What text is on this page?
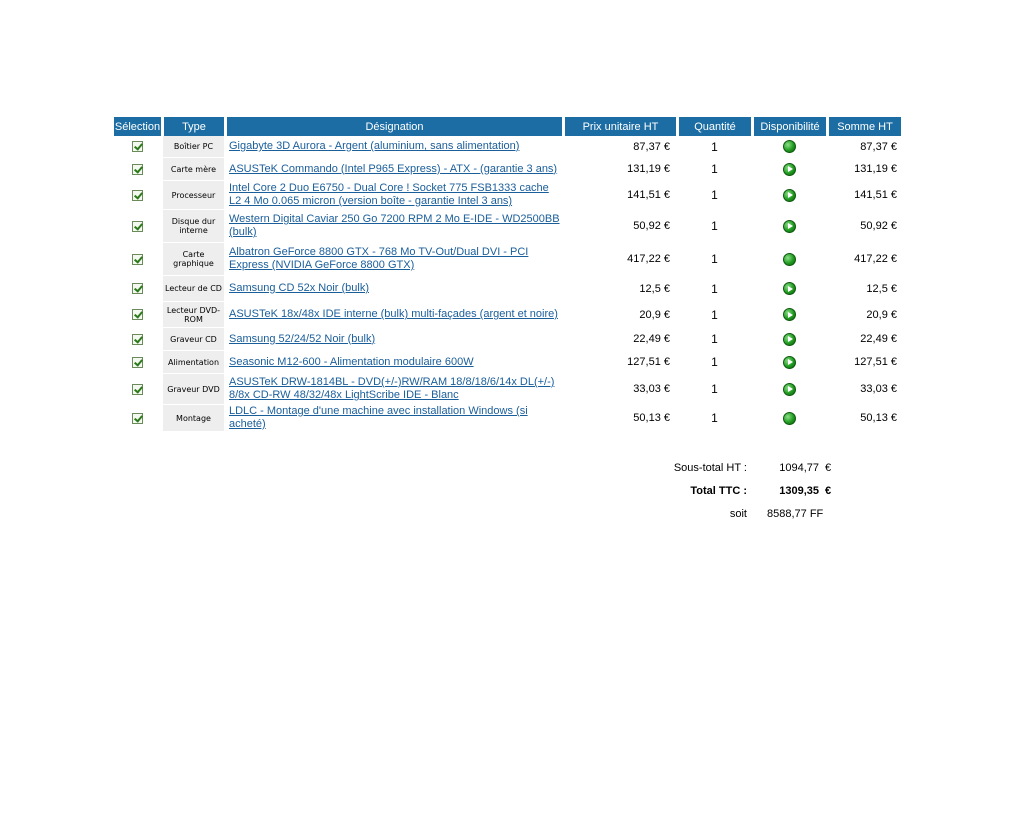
Sélection	Type	Désignation	Prix unitaire HT	Quantité	Disponibilité	Somme HT
	Boîtier PC	Gigabyte 3D Aurora - Argent (aluminium, sans alimentation)	87,37 €	1		87,37 €
	Carte mère	ASUSTeK Commando (Intel P965 Express) - ATX - (garantie 3 ans)	131,19 €	1		131,19 €
	Processeur	Intel Core 2 Duo E6750 - Dual Core ! Socket 775 FSB1333 cache L2 4 Mo 0.065 micron (version boîte - garantie Intel 3 ans)	141,51 €	1		141,51 €
	Disque dur interne	Western Digital Caviar 250 Go 7200 RPM 2 Mo E-IDE - WD2500BB (bulk)	50,92 €	1		50,92 €
	Carte graphique	Albatron GeForce 8800 GTX - 768 Mo TV-Out/Dual DVI - PCI Express (NVIDIA GeForce 8800 GTX)	417,22 €	1		417,22 €
	Lecteur de CD	Samsung CD 52x Noir (bulk)	12,5 €	1		12,5 €
	Lecteur DVD-ROM	ASUSTeK 18x/48x IDE interne (bulk) multi-façades (argent et noire)	20,9 €	1		20,9 €
	Graveur CD	Samsung 52/24/52 Noir (bulk)	22,49 €	1		22,49 €
	Alimentation	Seasonic M12-600 - Alimentation modulaire 600W	127,51 €	1		127,51 €
	Graveur DVD	ASUSTeK DRW-1814BL - DVD(+/-)RW/RAM 18/8/18/6/14x DL(+/-) 8/8x CD-RW 48/32/48x LightScribe IDE - Blanc	33,03 €	1		33,03 €
	Montage	LDLC - Montage d'une machine avec installation Windows (si acheté)	50,13 €	1		50,13 €
Sous-total HT :	1094,77	€
Total TTC :	1309,35	€
soit	8588,77 FF	
